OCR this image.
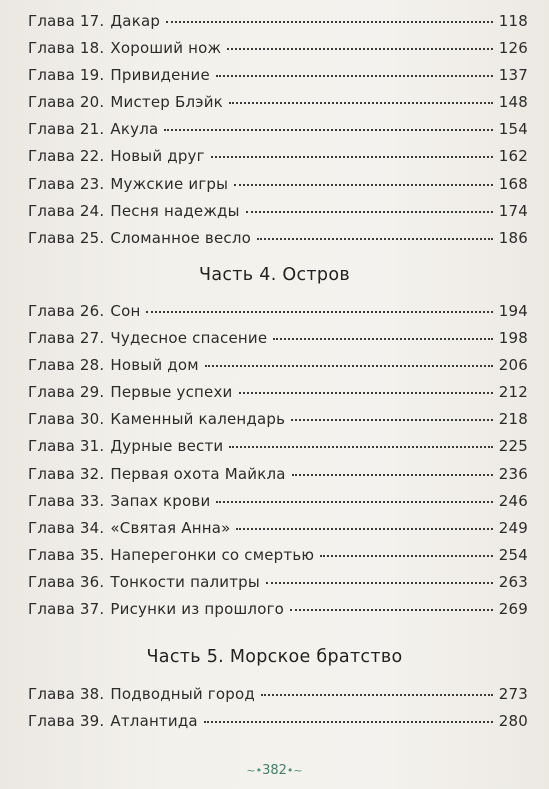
Глава 17. Дакар	118
Глава 18. Хороший нож	126
Глава 19. Привидение	137
Глава 20. Мистер Блэйк	148
Глава 21. Акула	154
Глава 22. Новый друг	162
Глава 23. Мужские игры	168
Глава 24. Песня надежды	174
Глава 25. Сломанное весло	186
Часть 4. Остров
Глава 26. Сон	194
Глава 27. Чудесное спасение	198
Глава 28. Новый дом	206
Глава 29. Первые успехи	212
Глава 30. Каменный календарь	218
Глава 31. Дурные вести	225
Глава 32. Первая охота Майкла	236
Глава 33. Запах крови	246
Глава 34. «Святая Анна»	249
Глава 35. Наперегонки со смертью	254
Глава 36. Тонкости палитры	263
Глава 37. Рисунки из прошлого	269
Часть 5. Морское братство
Глава 38. Подводный город	273
Глава 39. Атлантида	280
~•382•~
